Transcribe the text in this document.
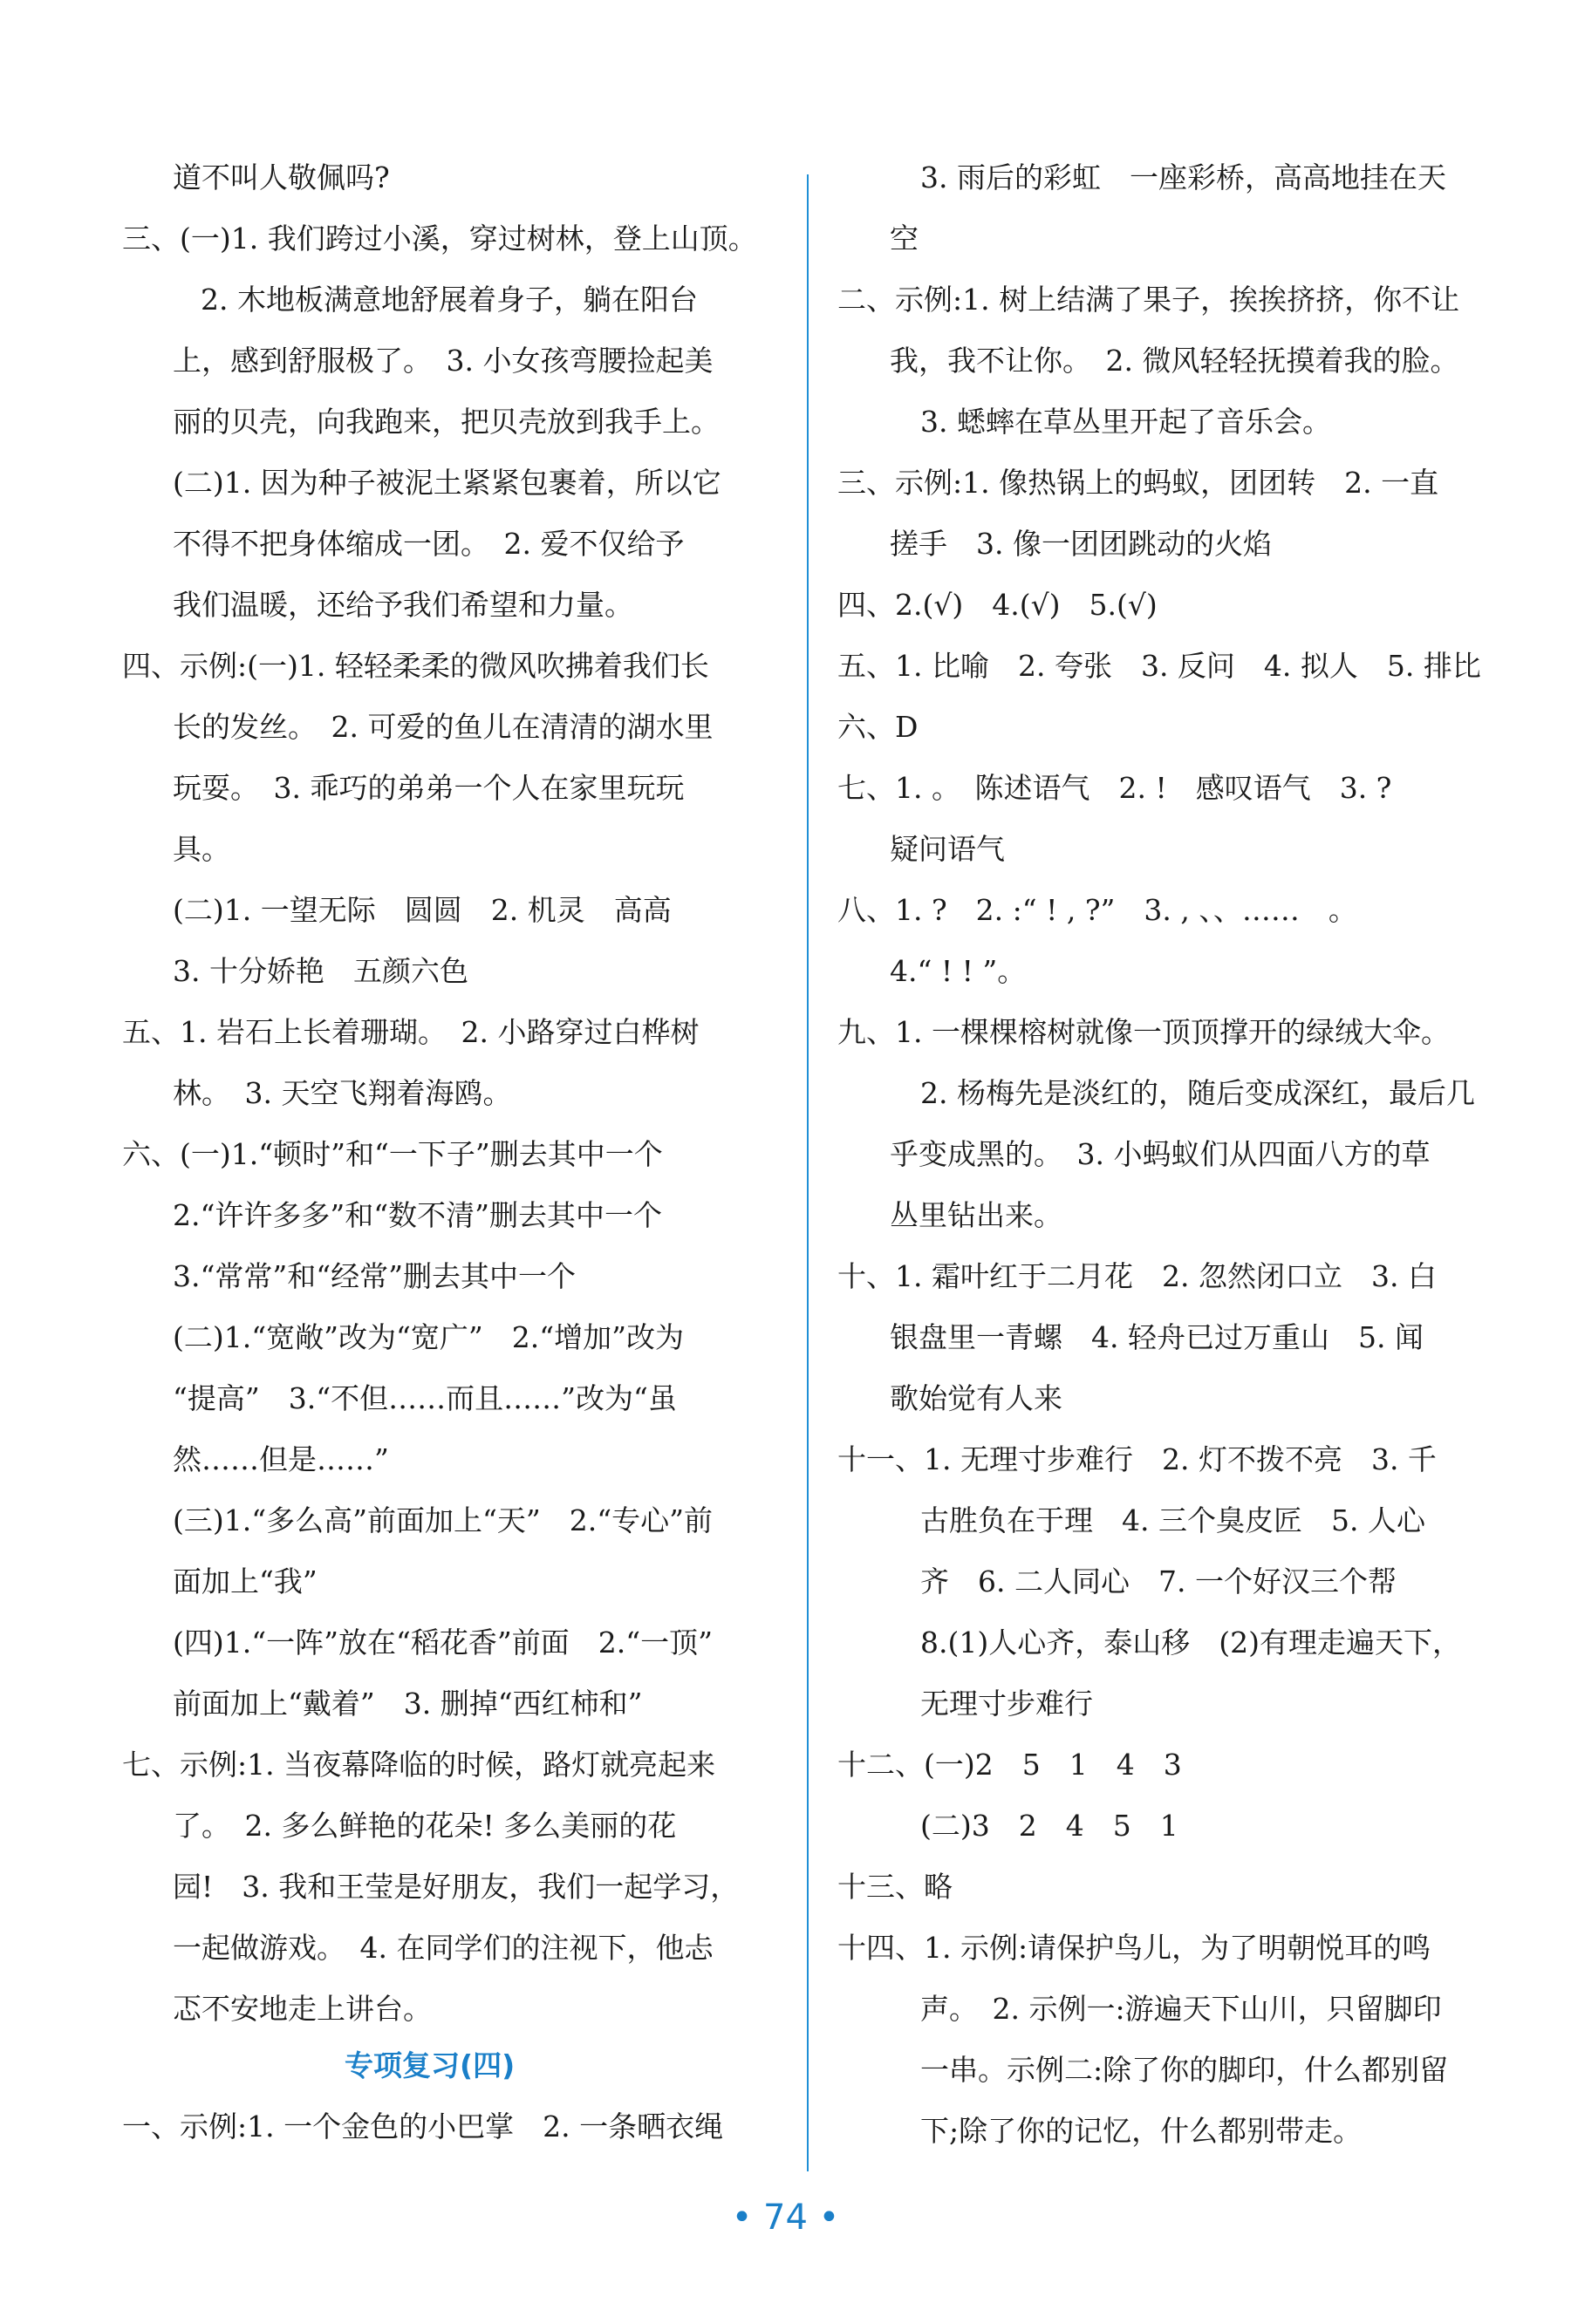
道不叫人敬佩吗?
三、(一)1. 我们跨过小溪，穿过树林，登上山顶。
2. 木地板满意地舒展着身子，躺在阳台
上，感到舒服极了。　3. 小女孩弯腰捡起美
丽的贝壳，向我跑来，把贝壳放到我手上。
(二)1. 因为种子被泥土紧紧包裹着，所以它
不得不把身体缩成一团。　2. 爱不仅给予
我们温暖，还给予我们希望和力量。
四、示例:(一)1. 轻轻柔柔的微风吹拂着我们长
长的发丝。　2. 可爱的鱼儿在清清的湖水里
玩耍。　3. 乖巧的弟弟一个人在家里玩玩
具。
(二)1. 一望无际　圆圆　2. 机灵　高高
3. 十分娇艳　五颜六色
五、1. 岩石上长着珊瑚。　2. 小路穿过白桦树
林。　3. 天空飞翔着海鸥。
六、(一)1.“顿时”和“一下子”删去其中一个
2.“许许多多”和“数不清”删去其中一个
3.“常常”和“经常”删去其中一个
(二)1.“宽敞”改为“宽广”　2.“增加”改为
“提高”　3.“不但……而且……”改为“虽
然……但是……”
(三)1.“多么高”前面加上“天”　2.“专心”前
面加上“我”
(四)1.“一阵”放在“稻花香”前面　2.“一顶”
前面加上“戴着”　3. 删掉“西红柿和”
七、示例:1. 当夜幕降临的时候，路灯就亮起来
了。　2. 多么鲜艳的花朵! 多么美丽的花
园!　3. 我和王莹是好朋友，我们一起学习，
一起做游戏。　4. 在同学们的注视下，他忐
忑不安地走上讲台。
专项复习(四)
一、示例:1. 一个金色的小巴掌　2. 一条晒衣绳
3. 雨后的彩虹　一座彩桥，高高地挂在天
空
二、示例:1. 树上结满了果子，挨挨挤挤，你不让
我，我不让你。　2. 微风轻轻抚摸着我的脸。
3. 蟋蟀在草丛里开起了音乐会。
三、示例:1. 像热锅上的蚂蚁，团团转　2. 一直
搓手　3. 像一团团跳动的火焰
四、2.(√)　4.(√)　5.(√)
五、1. 比喻　2. 夸张　3. 反问　4. 拟人　5. 排比
六、D
七、1. 。　陈述语气　2. !　感叹语气　3. ?
疑问语气
八、1. ?　2. :“ ! , ?”　3. , 、、……　。
4.“ ! ! ”。
九、1. 一棵棵榕树就像一顶顶撑开的绿绒大伞。
2. 杨梅先是淡红的，随后变成深红，最后几
乎变成黑的。　3. 小蚂蚁们从四面八方的草
丛里钻出来。
十、1. 霜叶红于二月花　2. 忽然闭口立　3. 白
银盘里一青螺　4. 轻舟已过万重山　5. 闻
歌始觉有人来
十一、1. 无理寸步难行　2. 灯不拨不亮　3. 千
古胜负在于理　4. 三个臭皮匠　5. 人心
齐　6. 二人同心　7. 一个好汉三个帮
8.(1)人心齐，泰山移　(2)有理走遍天下，
无理寸步难行
十二、(一)2　5　1　4　3
(二)3　2　4　5　1
十三、略
十四、1. 示例:请保护鸟儿，为了明朝悦耳的鸣
声。　2. 示例一:游遍天下山川，只留脚印
一串。示例二:除了你的脚印，什么都别留
下;除了你的记忆，什么都别带走。
• 74 •
